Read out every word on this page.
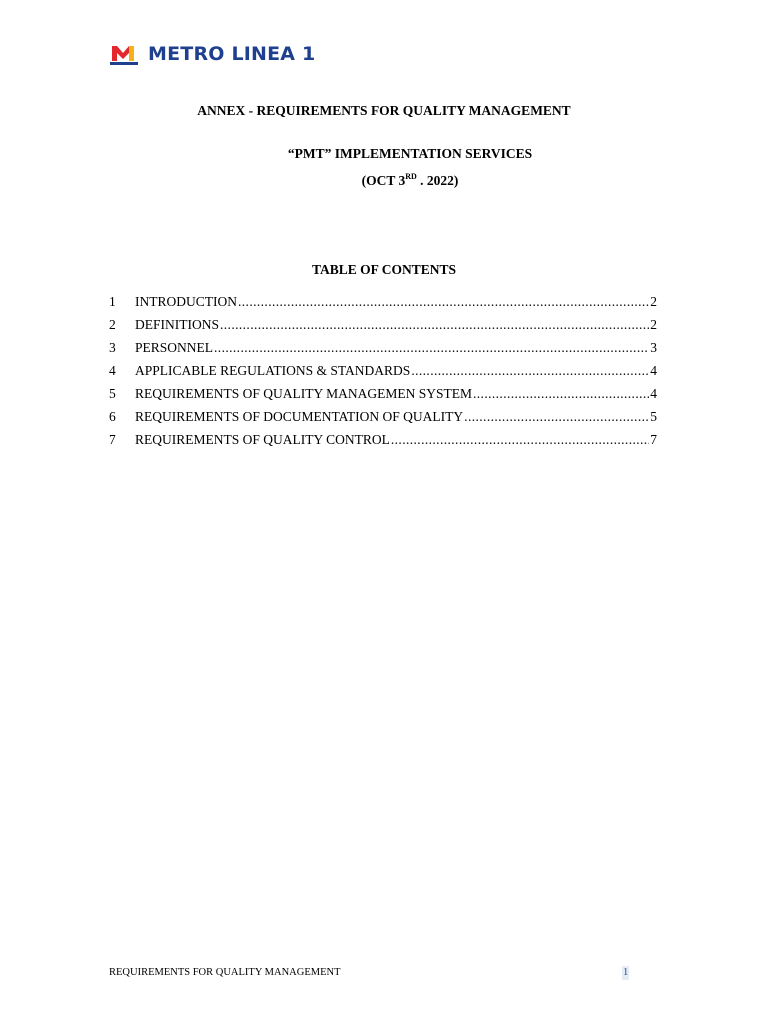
METRO LINEA 1
ANNEX - REQUIREMENTS FOR QUALITY MANAGEMENT
“PMT” IMPLEMENTATION SERVICES
(OCT 3RD . 2022)
TABLE OF CONTENTS
1	INTRODUCTION .....	2
2	DEFINITIONS .....	2
3	PERSONNEL .....	3
4	APPLICABLE REGULATIONS & STANDARDS .....	4
5	REQUIREMENTS OF QUALITY MANAGEMEN SYSTEM .....	4
6	REQUIREMENTS OF DOCUMENTATION OF QUALITY .....	5
7	REQUIREMENTS OF QUALITY CONTROL .....	7
REQUIREMENTS FOR QUALITY MANAGEMENT	1
